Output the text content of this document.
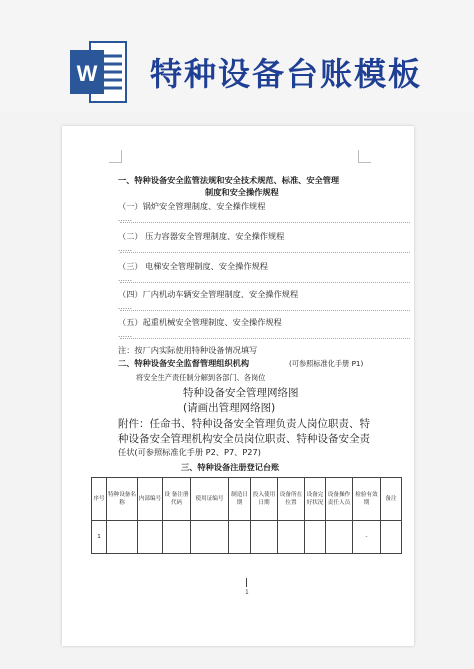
W 特种设备台账模板
一、特种设备安全监管法规和安全技术规范、标准、安全管理
制度和安全操作规程
（一）锅炉安全管理制度、安全操作规程
……
（二） 压力容器安全管理制度、安全操作规程
……
（三） 电梯安全管理制度、安全操作规程
……
（四）厂内机动车辆安全管理制度、安全操作规程
……
（五）起重机械安全管理制度、安全操作规程
……
注：按厂内实际使用特种设备情况填写
二、特种设备安全监督管理组织机构	(可参照标准化手册 P1)
将安全生产责任制分解到各部门、各岗位
特种设备安全管理网络图
(请画出管理网络图)
附件：任命书、特种设备安全管理负责人岗位职责、特
种设备安全管理机构安全员岗位职责、特种设备安全责
任状(可参照标准化手册 P2、P7、P27)
三、特种设备注册登记台账
序号	特种设备名 称	内部编号	设 备注册代码	使用证编号	制造日期	投入使用日期	设备所在位置	设备完好状况	设备操作责任人员	检验有效期	备注
1										-	
1
